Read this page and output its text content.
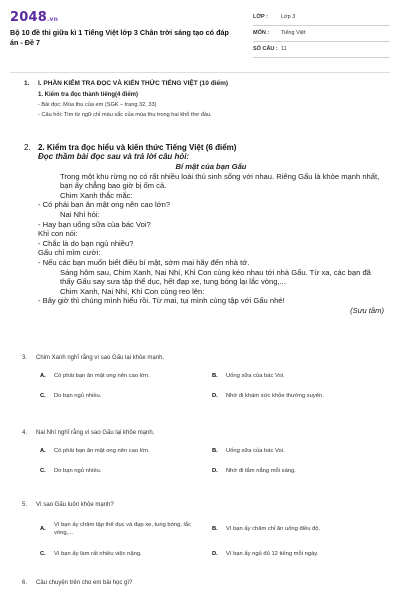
2048.vn
Bộ 10 đề thi giữa kì 1 Tiếng Việt lớp 3 Chân trời sáng tạo có đáp án - Đề 7
LỚP : Lớp 3
MÔN : Tiếng Việt
SỐ CÂU : 11
1. I. PHẦN KIỂM TRA ĐỌC VÀ KIẾN THỨC TIẾNG VIỆT (10 điểm)
1. Kiểm tra đọc thành tiếng(4 điểm)
- Bài đọc: Mùa thu của em (SGK – trang 32, 33)
- Câu hỏi: Tìm từ ngữ chỉ màu sắc của mùa thu trong hai khổ thơ đầu.
2. 2. Kiểm tra đọc hiểu và kiến thức Tiếng Việt (6 điểm)
Đọc thầm bài đọc sau và trả lời câu hỏi:
Bí mật của bạn Gấu
Trong một khu rừng nọ có rất nhiều loài thú sinh sống với nhau. Riêng Gấu là khỏe mạnh nhất, bạn ấy chẳng bao giờ bị ốm cả.
Chim Xanh thắc mắc:
- Có phải bạn ăn mật ong nên cao lớn?
Nai Nhí hỏi:
- Hay bạn uống sữa của bác Voi?
Khỉ con nói:
- Chắc là do bạn ngủ nhiều?
Gấu chỉ mỉm cười:
- Nếu các bạn muốn biết điều bí mật, sớm mai hãy đến nhà tớ.
Sáng hôm sau, Chim Xanh, Nai Nhí, Khỉ Con cùng kéo nhau tới nhà Gấu. Từ xa, các bạn đã thấy Gấu say sưa tập thể dục, hết đạp xe, tung bóng lại lắc vòng,...
Chim Xanh, Nai Nhí, Khỉ Con cùng reo lên:
- Bây giờ thì chúng mình hiểu rồi. Từ mai, tụi mình cùng tập với Gấu nhé!
(Sưu tầm)
3. Chim Xanh nghĩ rằng vì sao Gấu lại khỏe mạnh.
A. Có phải bạn ăn mật ong nên cao lớn.	B. Uống sữa của bác Voi.
C. Do bạn ngủ nhiều.	D. Nhờ đi khám sức khỏe thường xuyên.
4. Nai Nhí nghĩ rằng vì sao Gấu lại khỏe mạnh.
A. Có phải bạn ăn mật ong nên cao lớn.	B. Uống sữa của bác Voi.
C. Do bạn ngủ nhiều.	D. Nhờ đi tắm nắng mỗi sáng.
5. Vì sao Gấu luôn khỏe mạnh?
A.Vì bạn ấy chăm tập thể dục và đạp xe, tung bóng, lắc vòng,...
B. Vì bạn ấy chăm chỉ ăn uống điều độ.
C. Vì bạn ấy làm rất nhiều việc nặng.	D. Vì bạn ấy ngủ đủ 12 tiếng mỗi ngày.
6. Câu chuyện trên cho em bài học gì?
